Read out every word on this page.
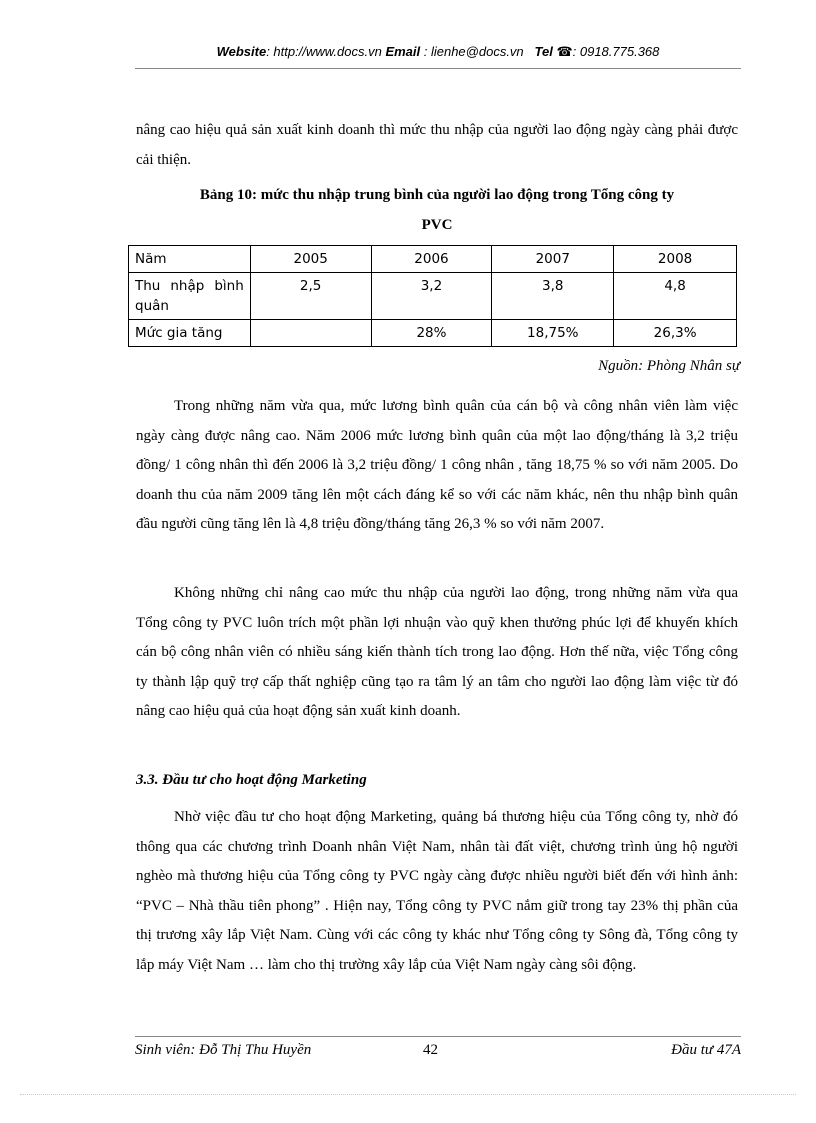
Website: http://www.docs.vn Email : lienhe@docs.vn Tel ☎: 0918.775.368

nâng cao hiệu quả sản xuất kinh doanh thì mức thu nhập của người lao động ngày càng phải được cải thiện.

Bảng 10: mức thu nhập trung bình của người lao động trong Tổng công ty

PVC

Năm	2005	2006	2007	2008
Thu nhập bình quân	2,5	3,2	3,8	4,8
Mức gia tăng		28%	18,75%	26,3%
Nguồn: Phòng Nhân sự

Trong những năm vừa qua, mức lương bình quân của cán bộ và công nhân viên làm việc ngày càng được nâng cao. Năm 2006 mức lương bình quân của một lao động/tháng là 3,2 triệu đồng/ 1 công nhân thì đến 2006 là 3,2 triệu đồng/ 1 công nhân , tăng 18,75 % so với năm 2005. Do doanh thu của năm 2009 tăng lên một cách đáng kể so với các năm khác, nên thu nhập bình quân đầu người cũng tăng lên là 4,8 triệu đồng/tháng tăng 26,3 % so với năm 2007.

Không những chỉ nâng cao mức thu nhập của người lao động, trong những năm vừa qua Tổng công ty PVC luôn trích một phần lợi nhuận vào quỹ khen thưởng phúc lợi để khuyến khích cán bộ công nhân viên có nhiều sáng kiến thành tích trong lao động. Hơn thế nữa, việc Tổng công ty thành lập quỹ trợ cấp thất nghiệp cũng tạo ra tâm lý an tâm cho người lao động làm việc từ đó nâng cao hiệu quả của hoạt động sản xuất kinh doanh.

3.3. Đầu tư cho hoạt động Marketing

Nhờ việc đầu tư cho hoạt động Marketing, quảng bá thương hiệu của Tổng công ty, nhờ đó thông qua các chương trình Doanh nhân Việt Nam, nhân tài đất việt, chương trình ủng hộ người nghèo mà thương hiệu của Tổng công ty PVC ngày càng được nhiều người biết đến với hình ảnh: “PVC – Nhà thầu tiên phong” . Hiện nay, Tổng công ty PVC nắm giữ trong tay 23% thị phần của thị trương xây lắp Việt Nam. Cùng với các công ty khác như Tổng công ty Sông đà, Tổng công ty lắp máy Việt Nam … làm cho thị trường xây lắp của Việt Nam ngày càng sôi động.

Sinh viên: Đỗ Thị Thu Huyền	42	Đầu tư 47A
